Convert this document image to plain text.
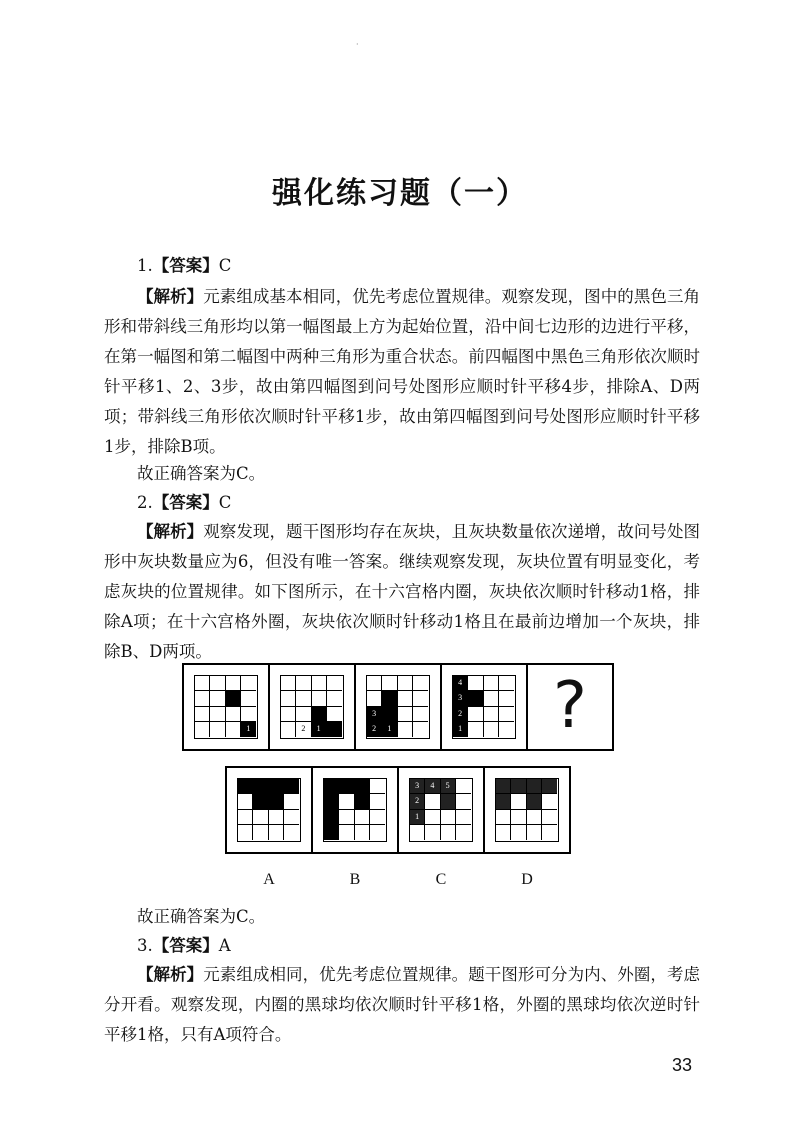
·
强化练习题（一）
1.【答案】C
【解析】元素组成基本相同，优先考虑位置规律。观察发现，图中的黑色三角形和带斜线三角形均以第一幅图最上方为起始位置，沿中间七边形的边进行平移，在第一幅图和第二幅图中两种三角形为重合状态。前四幅图中黑色三角形依次顺时针平移1、2、3步，故由第四幅图到问号处图形应顺时针平移4步，排除A、D两项；带斜线三角形依次顺时针平移1步，故由第四幅图到问号处图形应顺时针平移1步，排除B项。
故正确答案为C。
2.【答案】C
【解析】观察发现，题干图形均存在灰块，且灰块数量依次递增，故问号处图形中灰块数量应为6，但没有唯一答案。继续观察发现，灰块位置有明显变化，考虑灰块的位置规律。如下图所示，在十六宫格内圈，灰块依次顺时针移动1格，排除A项；在十六宫格外圈，灰块依次顺时针移动1格且在最前边增加一个灰块，排除B、D两项。
1	2	1
3
2	1
4
3
2
1	?
3	4	5
2
1
A	B	C	D
故正确答案为C。
3.【答案】A
【解析】元素组成相同，优先考虑位置规律。题干图形可分为内、外圈，考虑分开看。观察发现，内圈的黑球均依次顺时针平移1格，外圈的黑球均依次逆时针平移1格，只有A项符合。
33
